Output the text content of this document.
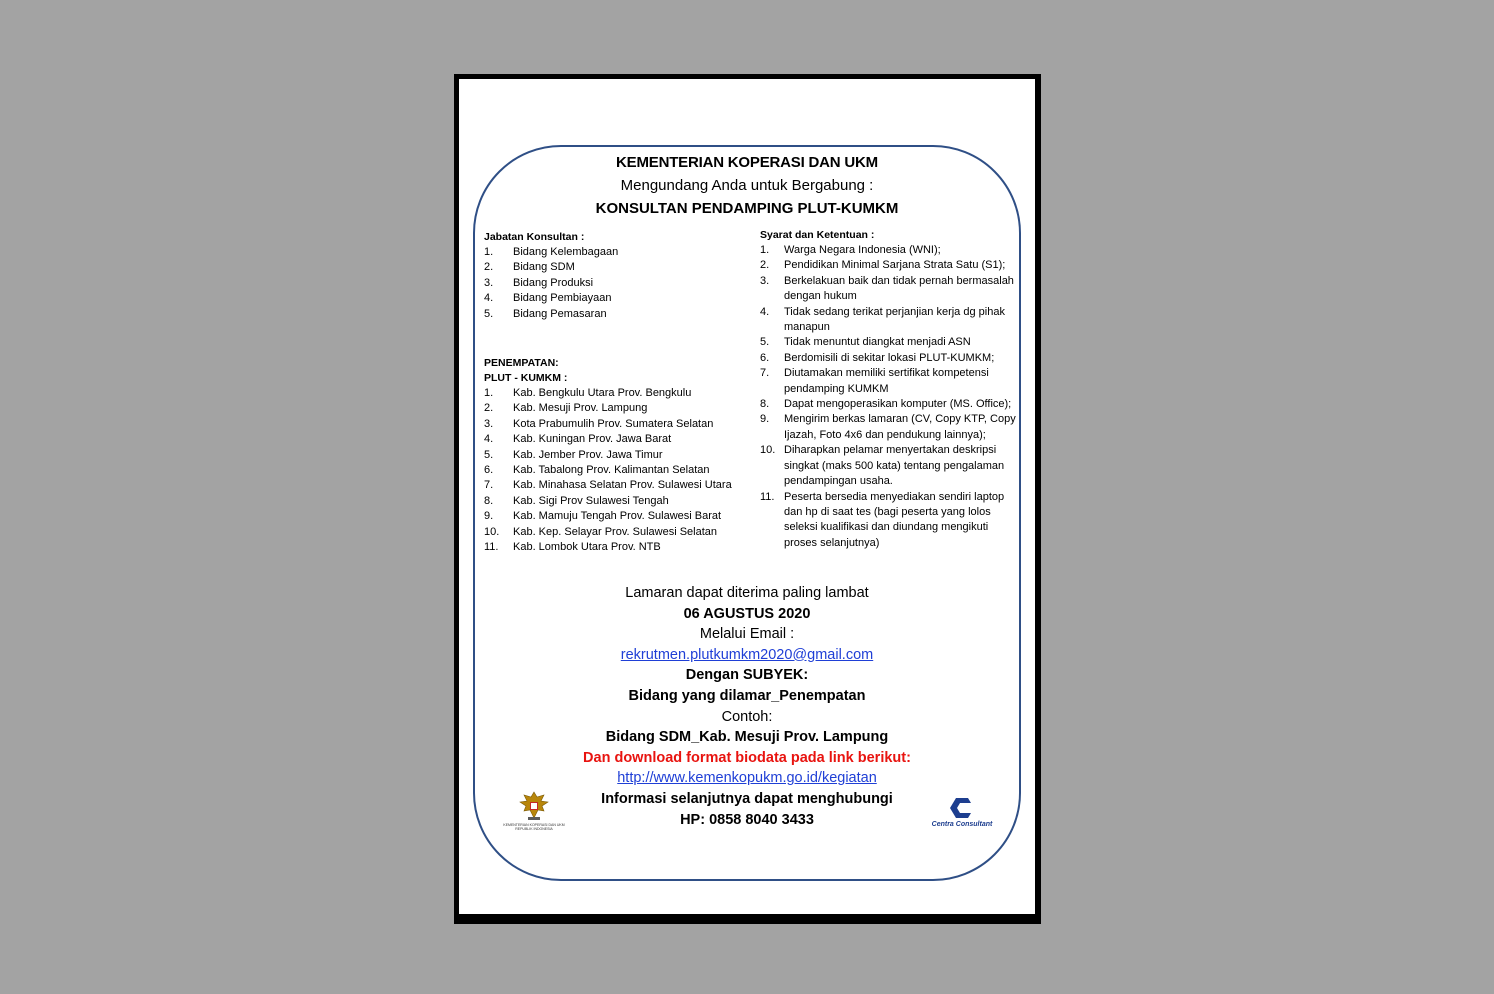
KEMENTERIAN KOPERASI DAN UKM
Mengundang Anda untuk Bergabung :
KONSULTAN PENDAMPING PLUT-KUMKM
Jabatan Konsultan :
1.	Bidang Kelembagaan
2.	Bidang SDM
3.	Bidang Produksi
4.	Bidang Pembiayaan
5.	Bidang Pemasaran
PENEMPATAN:
PLUT - KUMKM :
1.	Kab. Bengkulu Utara Prov. Bengkulu
2.	Kab. Mesuji Prov. Lampung
3.	Kota Prabumulih Prov. Sumatera Selatan
4.	Kab. Kuningan Prov. Jawa Barat
5.	Kab. Jember Prov. Jawa Timur
6.	Kab. Tabalong Prov. Kalimantan Selatan
7.	Kab. Minahasa Selatan Prov. Sulawesi Utara
8.	Kab. Sigi Prov Sulawesi Tengah
9.	Kab. Mamuju Tengah Prov. Sulawesi Barat
10.	Kab. Kep. Selayar Prov. Sulawesi Selatan
11.	Kab. Lombok Utara Prov. NTB
Syarat dan Ketentuan :
1.	Warga Negara Indonesia (WNI);
2.	Pendidikan Minimal Sarjana Strata Satu (S1);
3.	Berkelakuan baik dan tidak pernah bermasalah dengan hukum
4.	Tidak sedang terikat perjanjian kerja dg pihak manapun
5.	Tidak menuntut diangkat menjadi ASN
6.	Berdomisili di sekitar lokasi PLUT-KUMKM;
7.	Diutamakan memiliki sertifikat kompetensi pendamping KUMKM
8.	Dapat mengoperasikan komputer (MS. Office);
9.	Mengirim berkas lamaran (CV, Copy KTP, Copy Ijazah, Foto 4x6 dan pendukung lainnya);
10. Diharapkan pelamar menyertakan deskripsi singkat (maks 500 kata) tentang pengalaman pendampingan usaha.
11. Peserta bersedia menyediakan sendiri laptop dan hp di saat tes (bagi peserta yang lolos seleksi kualifikasi dan diundang mengikuti proses selanjutnya)
Lamaran dapat diterima paling lambat
06 AGUSTUS 2020
Melalui Email :
rekrutmen.plutkumkm2020@gmail.com
Dengan SUBYEK:
Bidang yang dilamar_Penempatan
Contoh:
Bidang SDM_Kab. Mesuji Prov. Lampung
Dan download format biodata pada link berikut:
http://www.kemenkopukm.go.id/kegiatan
Informasi selanjutnya dapat menghubungi
HP: 0858 8040 3433
KEMENTERIAN KOPERASI DAN UKM
REPUBLIK INDONESIA
Centra Consultant
